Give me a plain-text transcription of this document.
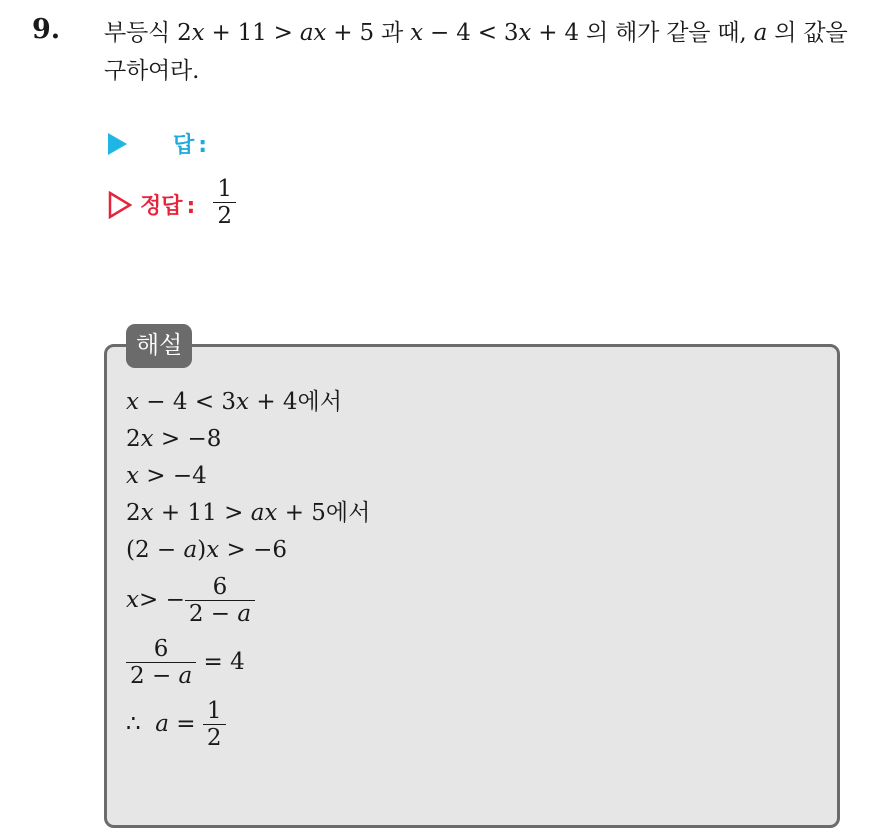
9. 부등식 2x + 11 > ax + 5 과 x − 4 < 3x + 4 의 해가 같을 때, a 의 값을
구하여라.
답 :
정답 : $\frac{1}{2}$
해설
x − 4 < 3x + 4에서
2x > −8
x > −4
2x + 11 > ax + 5에서
(2 − a)x > −6
x > − $\frac{6}{2 - a}$
$\frac{6}{2 - a} = 4$
∴ $a = \frac{1}{2}$
